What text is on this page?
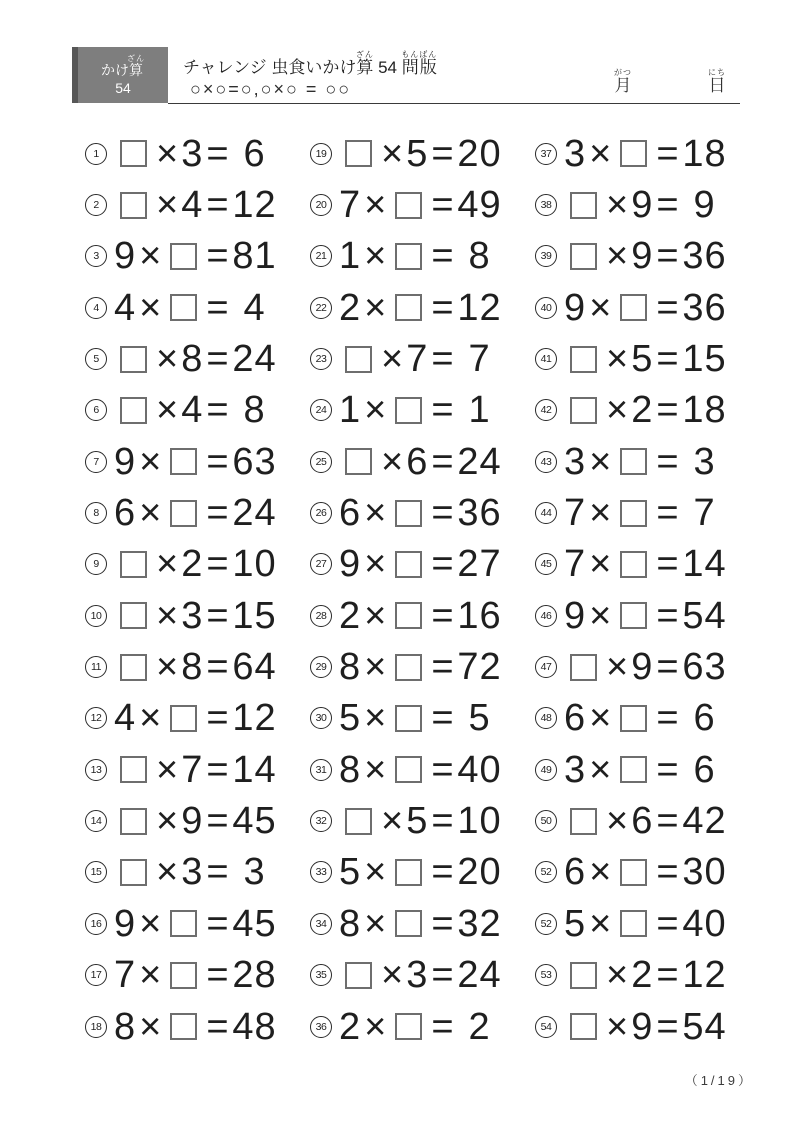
かけ算ざん
54
チャレンジ 虫食いかけ算ざん 54 問版もんばん
○×○=○,○×○ = ○○	月がつ
日にち
1 × 3 = 6
2 × 4 = 12
3 9 × = 81
4 4 × = 4
5 × 8 = 24
6 × 4 = 8
7 9 × = 63
8 6 × = 24
9 × 2 = 10
10 × 3 = 15
11 × 8 = 64
12 4 × = 12
13 × 7 = 14
14 × 9 = 45
15 × 3 = 3
16 9 × = 45
17 7 × = 28
18 8 × = 48
19 × 5 = 20
20 7 × = 49
21 1 × = 8
22 2 × = 12
23 × 7 = 7
24 1 × = 1
25 × 6 = 24
26 6 × = 36
27 9 × = 27
28 2 × = 16
29 8 × = 72
30 5 × = 5
31 8 × = 40
32 × 5 = 10
33 5 × = 20
34 8 × = 32
35 × 3 = 24
36 2 × = 2
37 3 × = 18
38 × 9 = 9
39 × 9 = 36
40 9 × = 36
41 × 5 = 15
42 × 2 = 18
43 3 × = 3
44 7 × = 7
45 7 × = 14
46 9 × = 54
47 × 9 = 63
48 6 × = 6
49 3 × = 6
50 × 6 = 42
52 6 × = 30
52 5 × = 40
53 × 2 = 12
54 × 9 = 54
（1/19）
